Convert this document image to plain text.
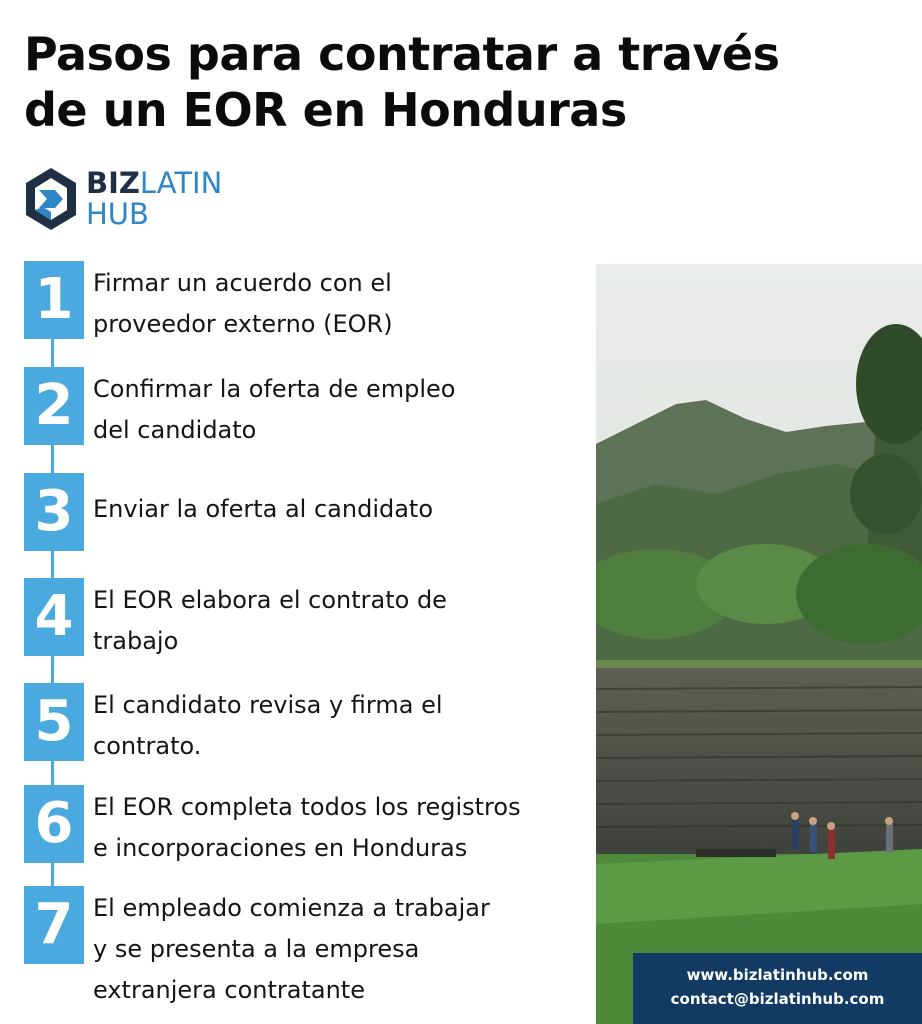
Pasos para contratar a través
de un EOR en Honduras
BIZLATIN
HUB
1 Firmar un acuerdo con el
proveedor externo (EOR)
2 Confirmar la oferta de empleo
del candidato
3 Enviar la oferta al candidato
4 El EOR elabora el contrato de
trabajo
5 El candidato revisa y firma el
contrato.
6 El EOR completa todos los registros
e incorporaciones en Honduras
7 El empleado comienza a trabajar
y se presenta a la empresa
extranjera contratante
www.bizlatinhub.com
contact@bizlatinhub.com
